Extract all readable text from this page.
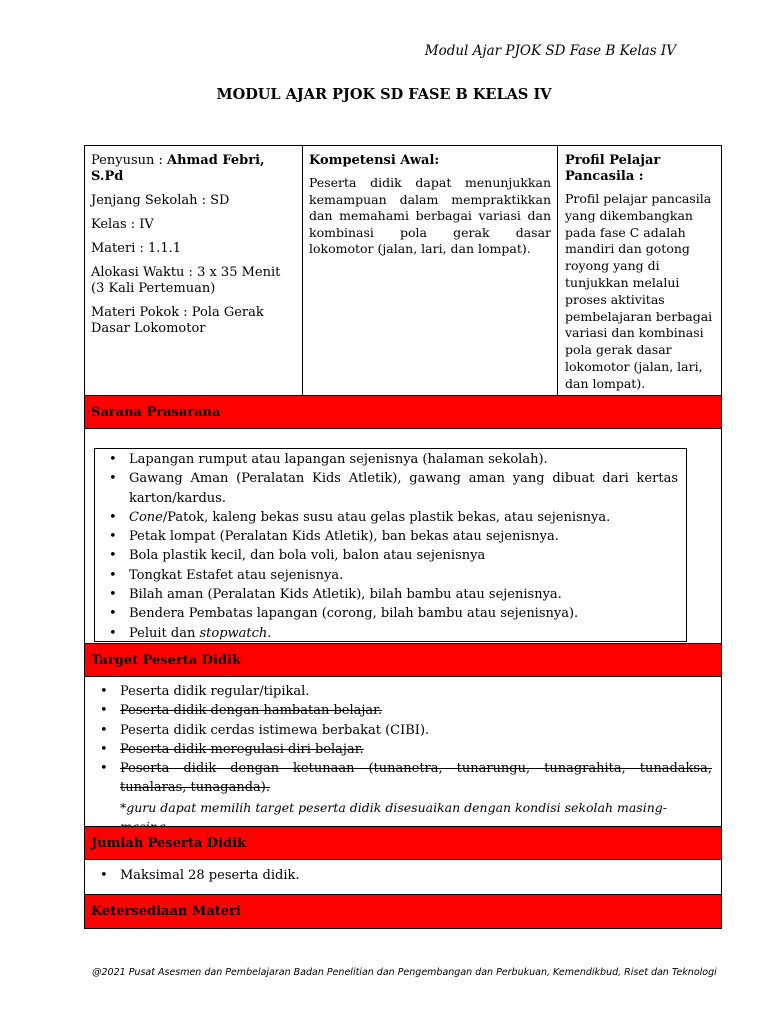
Modul Ajar PJOK SD Fase B Kelas IV
MODUL AJAR PJOK SD FASE B KELAS IV

Penyusun : Ahmad Febri, S.Pd

Jenjang Sekolah : SD

Kelas : IV

Materi : 1.1.1

Alokasi Waktu : 3 x 35 Menit (3 Kali Pertemuan)

Materi Pokok : Pola Gerak Dasar Lokomotor

Kompetensi Awal:
Peserta didik dapat menunjukkan kemampuan dalam mempraktikkan dan memahami berbagai variasi dan kombinasi pola gerak dasar lokomotor (jalan, lari, dan lompat).
Profil Pelajar Pancasila :
Profil pelajar pancasila yang dikembangkan pada fase C adalah mandiri dan gotong royong yang di tunjukkan melalui proses aktivitas pembelajaran berbagai variasi dan kombinasi pola gerak dasar lokomotor (jalan, lari, dan lompat).
Sarana Prasarana
• Lapangan rumput atau lapangan sejenisnya (halaman sekolah).
• Gawang Aman (Peralatan Kids Atletik), gawang aman yang dibuat dari kertas karton/kardus.
• Cone/Patok, kaleng bekas susu atau gelas plastik bekas, atau sejenisnya.
• Petak lompat (Peralatan Kids Atletik), ban bekas atau sejenisnya.
• Bola plastik kecil, dan bola voli, balon atau sejenisnya
• Tongkat Estafet atau sejenisnya.
• Bilah aman (Peralatan Kids Atletik), bilah bambu atau sejenisnya.
• Bendera Pembatas lapangan (corong, bilah bambu atau sejenisnya).
• Peluit dan stopwatch.
Target Peserta Didik
• Peserta didik regular/tipikal.
• Peserta didik dengan hambatan belajar.
• Peserta didik cerdas istimewa berbakat (CIBI).
• Peserta didik meregulasi diri belajar.
• Peserta didik dengan ketunaan (tunanetra, tunarungu, tunagrahita, tunadaksa, tunalaras, tunaganda).
*guru dapat memilih target peserta didik disesuaikan dengan kondisi sekolah masing-
Jumlah Peserta Didik
• Maksimal 28 peserta didik.
Ketersediaan Materi
@2021 Pusat Asesmen dan Pembelajaran Badan Penelitian dan Pengembangan dan Perbukuan, Kemendikbud, Riset dan Teknologi
